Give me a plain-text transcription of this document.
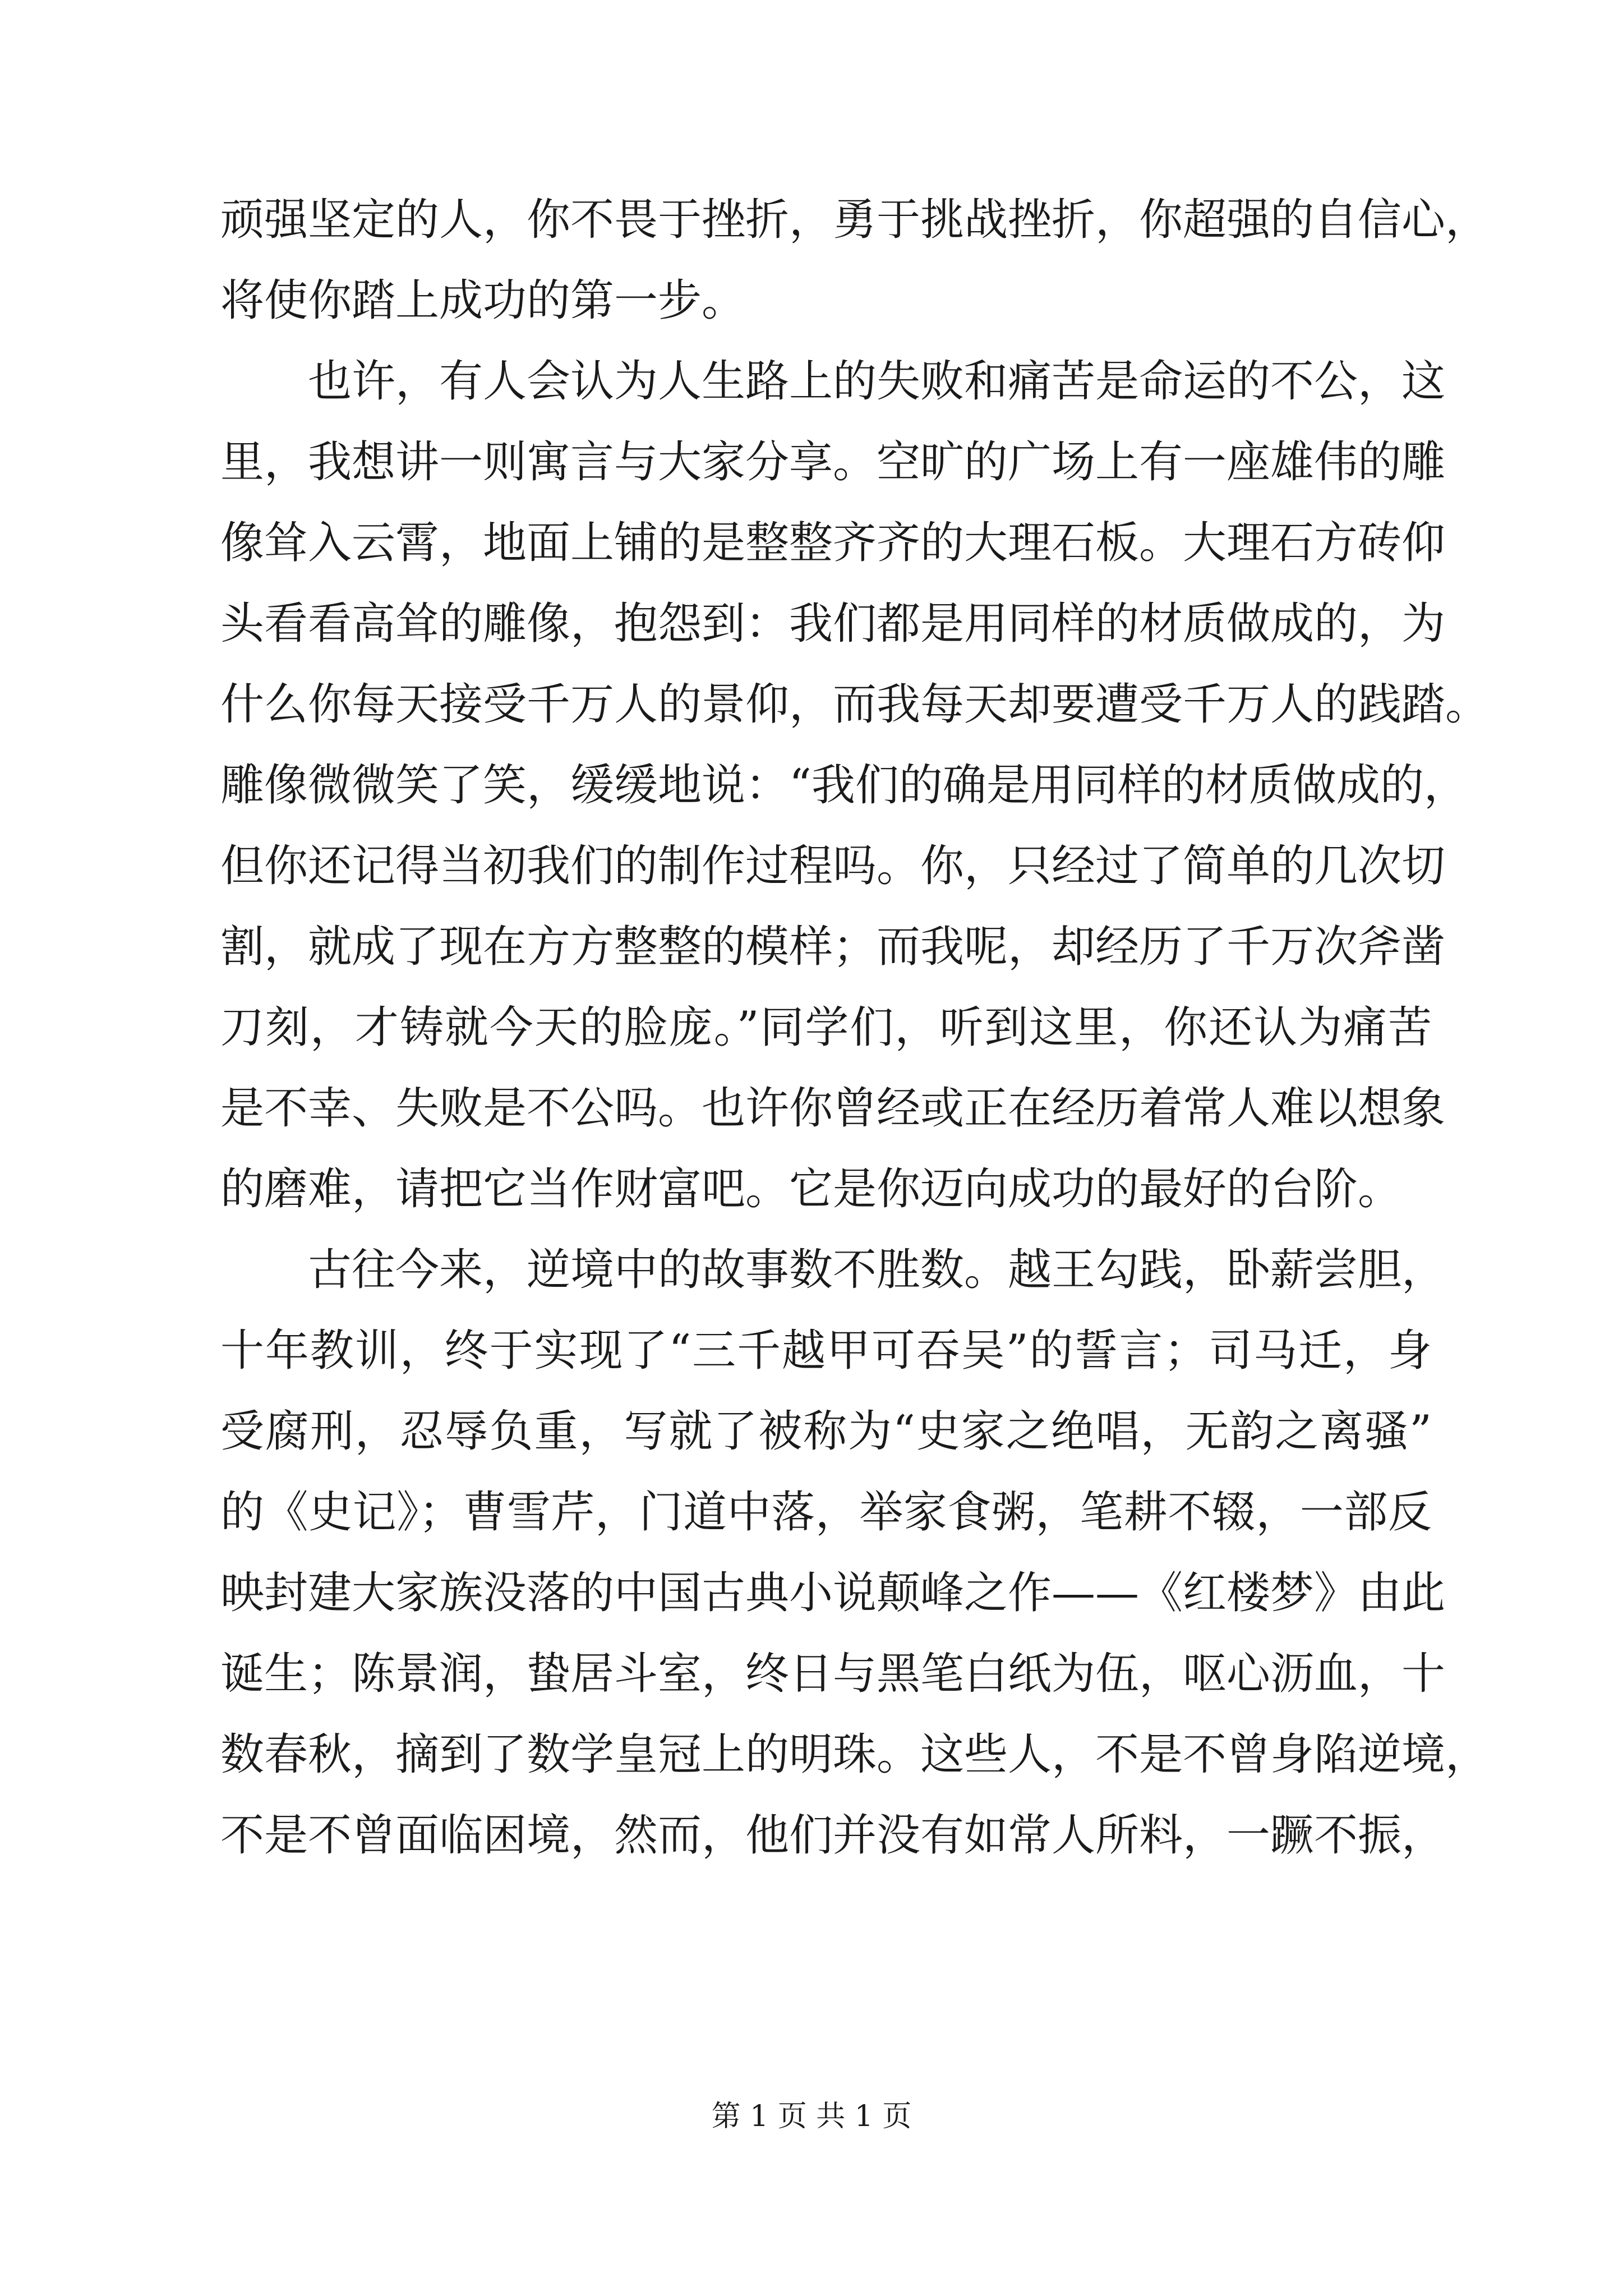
顽强坚定的人，你不畏于挫折，勇于挑战挫折，你超强的自信心，
将使你踏上成功的第一步。
也许，有人会认为人生路上的失败和痛苦是命运的不公，这
里，我想讲一则寓言与大家分享。空旷的广场上有一座雄伟的雕
像耸入云霄，地面上铺的是整整齐齐的大理石板。大理石方砖仰
头看看高耸的雕像，抱怨到：我们都是用同样的材质做成的，为
什么你每天接受千万人的景仰，而我每天却要遭受千万人的践踏。
雕像微微笑了笑，缓缓地说：“我们的确是用同样的材质做成的，
但你还记得当初我们的制作过程吗。你，只经过了简单的几次切
割，就成了现在方方整整的模样；而我呢，却经历了千万次斧凿
刀刻，才铸就今天的脸庞。”同学们，听到这里，你还认为痛苦
是不幸、失败是不公吗。也许你曾经或正在经历着常人难以想象
的磨难，请把它当作财富吧。它是你迈向成功的最好的台阶。
古往今来，逆境中的故事数不胜数。越王勾践，卧薪尝胆，
十年教训，终于实现了“三千越甲可吞吴”的誓言；司马迁，身
受腐刑，忍辱负重，写就了被称为“史家之绝唱，无韵之离骚”
的《史记》；曹雪芹，门道中落，举家食粥，笔耕不辍，一部反
映封建大家族没落的中国古典小说颠峰之作——《红楼梦》由此
诞生；陈景润，蛰居斗室，终日与黑笔白纸为伍，呕心沥血，十
数春秋，摘到了数学皇冠上的明珠。这些人，不是不曾身陷逆境，
不是不曾面临困境，然而，他们并没有如常人所料，一蹶不振，
第 1 页 共 1 页
